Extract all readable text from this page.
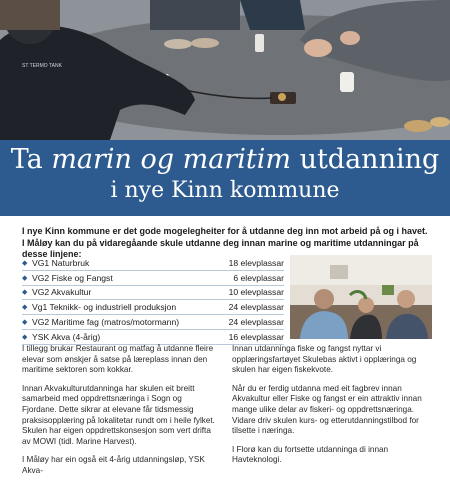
ST TERMO TANK
Ta marin og maritim utdanning
i nye Kinn kommune

I nye Kinn kommune er det gode mogelegheiter for å utdanne deg inn mot arbeid på og i havet. I Måløy kan du på vidaregåande skule utdanne deg innan marine og maritime utdanningar på desse linjene:

◆ VG1 Naturbruk	18 elevplassar
◆ VG2 Fiske og Fangst	6 elevplassar
◆ VG2 Akvakultur	10 elevplassar
◆ Vg1 Teknikk- og industriell produksjon	24 elevplassar
◆ VG2 Maritime fag (matros/motormann)	24 elevplassar
◆ YSK Akva (4-årig)	16 elevplassar

I tillegg brukar Restaurant og matfag å utdanne fleire elevar som ønskjer å satse på læreplass innan den maritime sektoren som kokkar.

Innan Akvakulturutdanninga har skulen eit breitt samarbeid med oppdrettsnæringa i Sogn og Fjordane. Dette sikrar at elevane får tidsmessig praksisopplæring på lokalitetar rundt om i heile fylket. Skulen har eigen oppdrettskonsesjon som vert drifta av MOWI (tidl. Marine Harvest).

I Måløy har ein også eit 4-årig utdanningsløp, YSK Akva-

Innan utdanninga fiske og fangst nyttar vi opplæringsfartøyet Skulebas aktivt i opplæringa og skulen har eigen fiskekvote.

Når du er ferdig utdanna med eit fagbrev innan Akvakultur eller Fiske og fangst er ein attraktiv innan mange ulike delar av fiskeri- og oppdrettsnæringa. Vidare driv skulen kurs- og etterutdanningstilbod for tilsette i næringa.

I Florø kan du fortsette utdanninga di innan Havteknologi.
